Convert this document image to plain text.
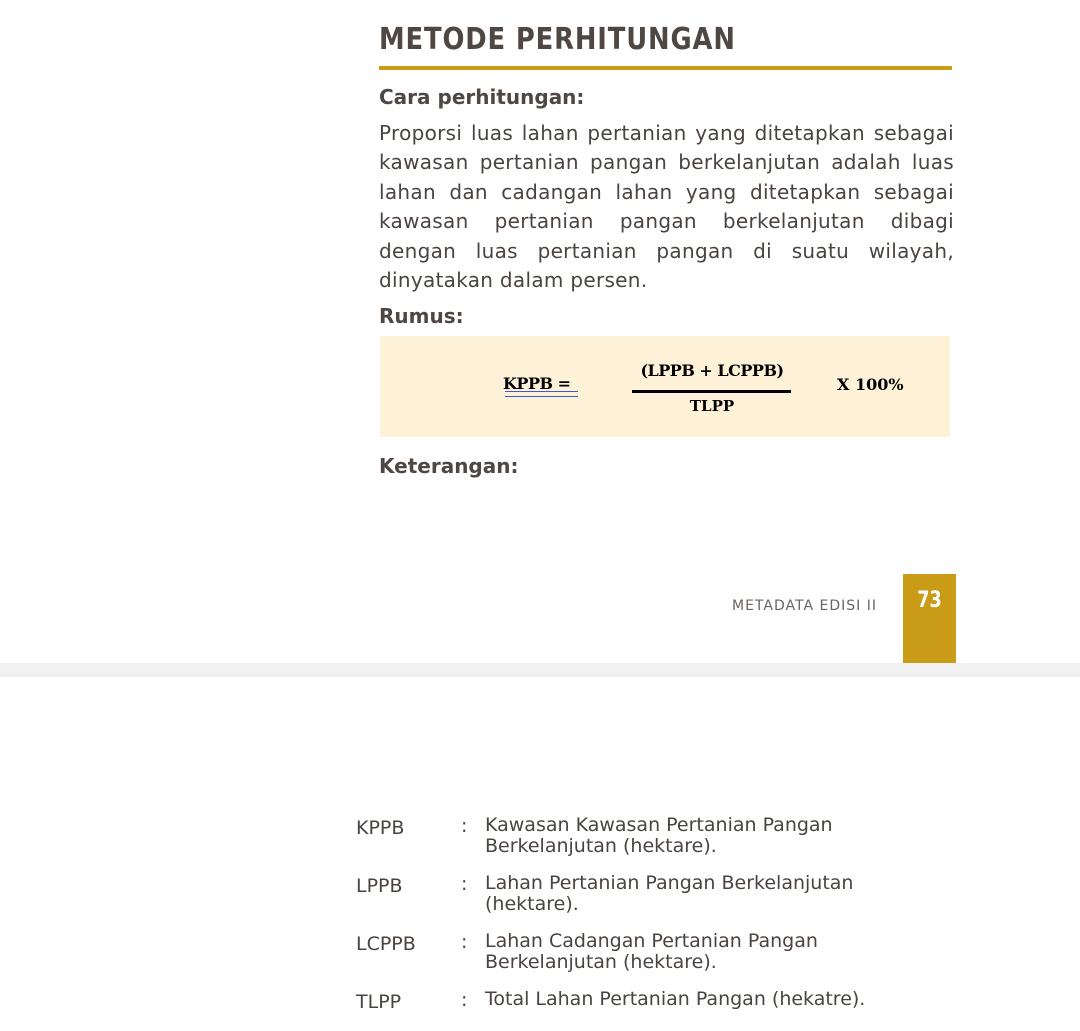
METODE PERHITUNGAN

Cara perhitungan:

Proporsi luas lahan pertanian yang ditetapkan sebagai kawasan pertanian pangan berkelanjutan adalah luas lahan dan cadangan lahan yang ditetapkan sebagai kawasan pertanian pangan berkelanjutan dibagi dengan luas pertanian pangan di suatu wilayah, dinyatakan dalam persen.

Rumus:

KPPB =
(LPPB + LCPPB)
TLPP
X 100%

Keterangan:

METADATA EDISI II	73
KPPB	: Kawasan Kawasan Pertanian Pangan Berkelanjutan (hektare).
LPPB	: Lahan Pertanian Pangan Berkelanjutan (hektare).
LCPPB : Lahan Cadangan Pertanian Pangan Berkelanjutan (hektare).
TLPP	: Total Lahan Pertanian Pangan (hekatre).
